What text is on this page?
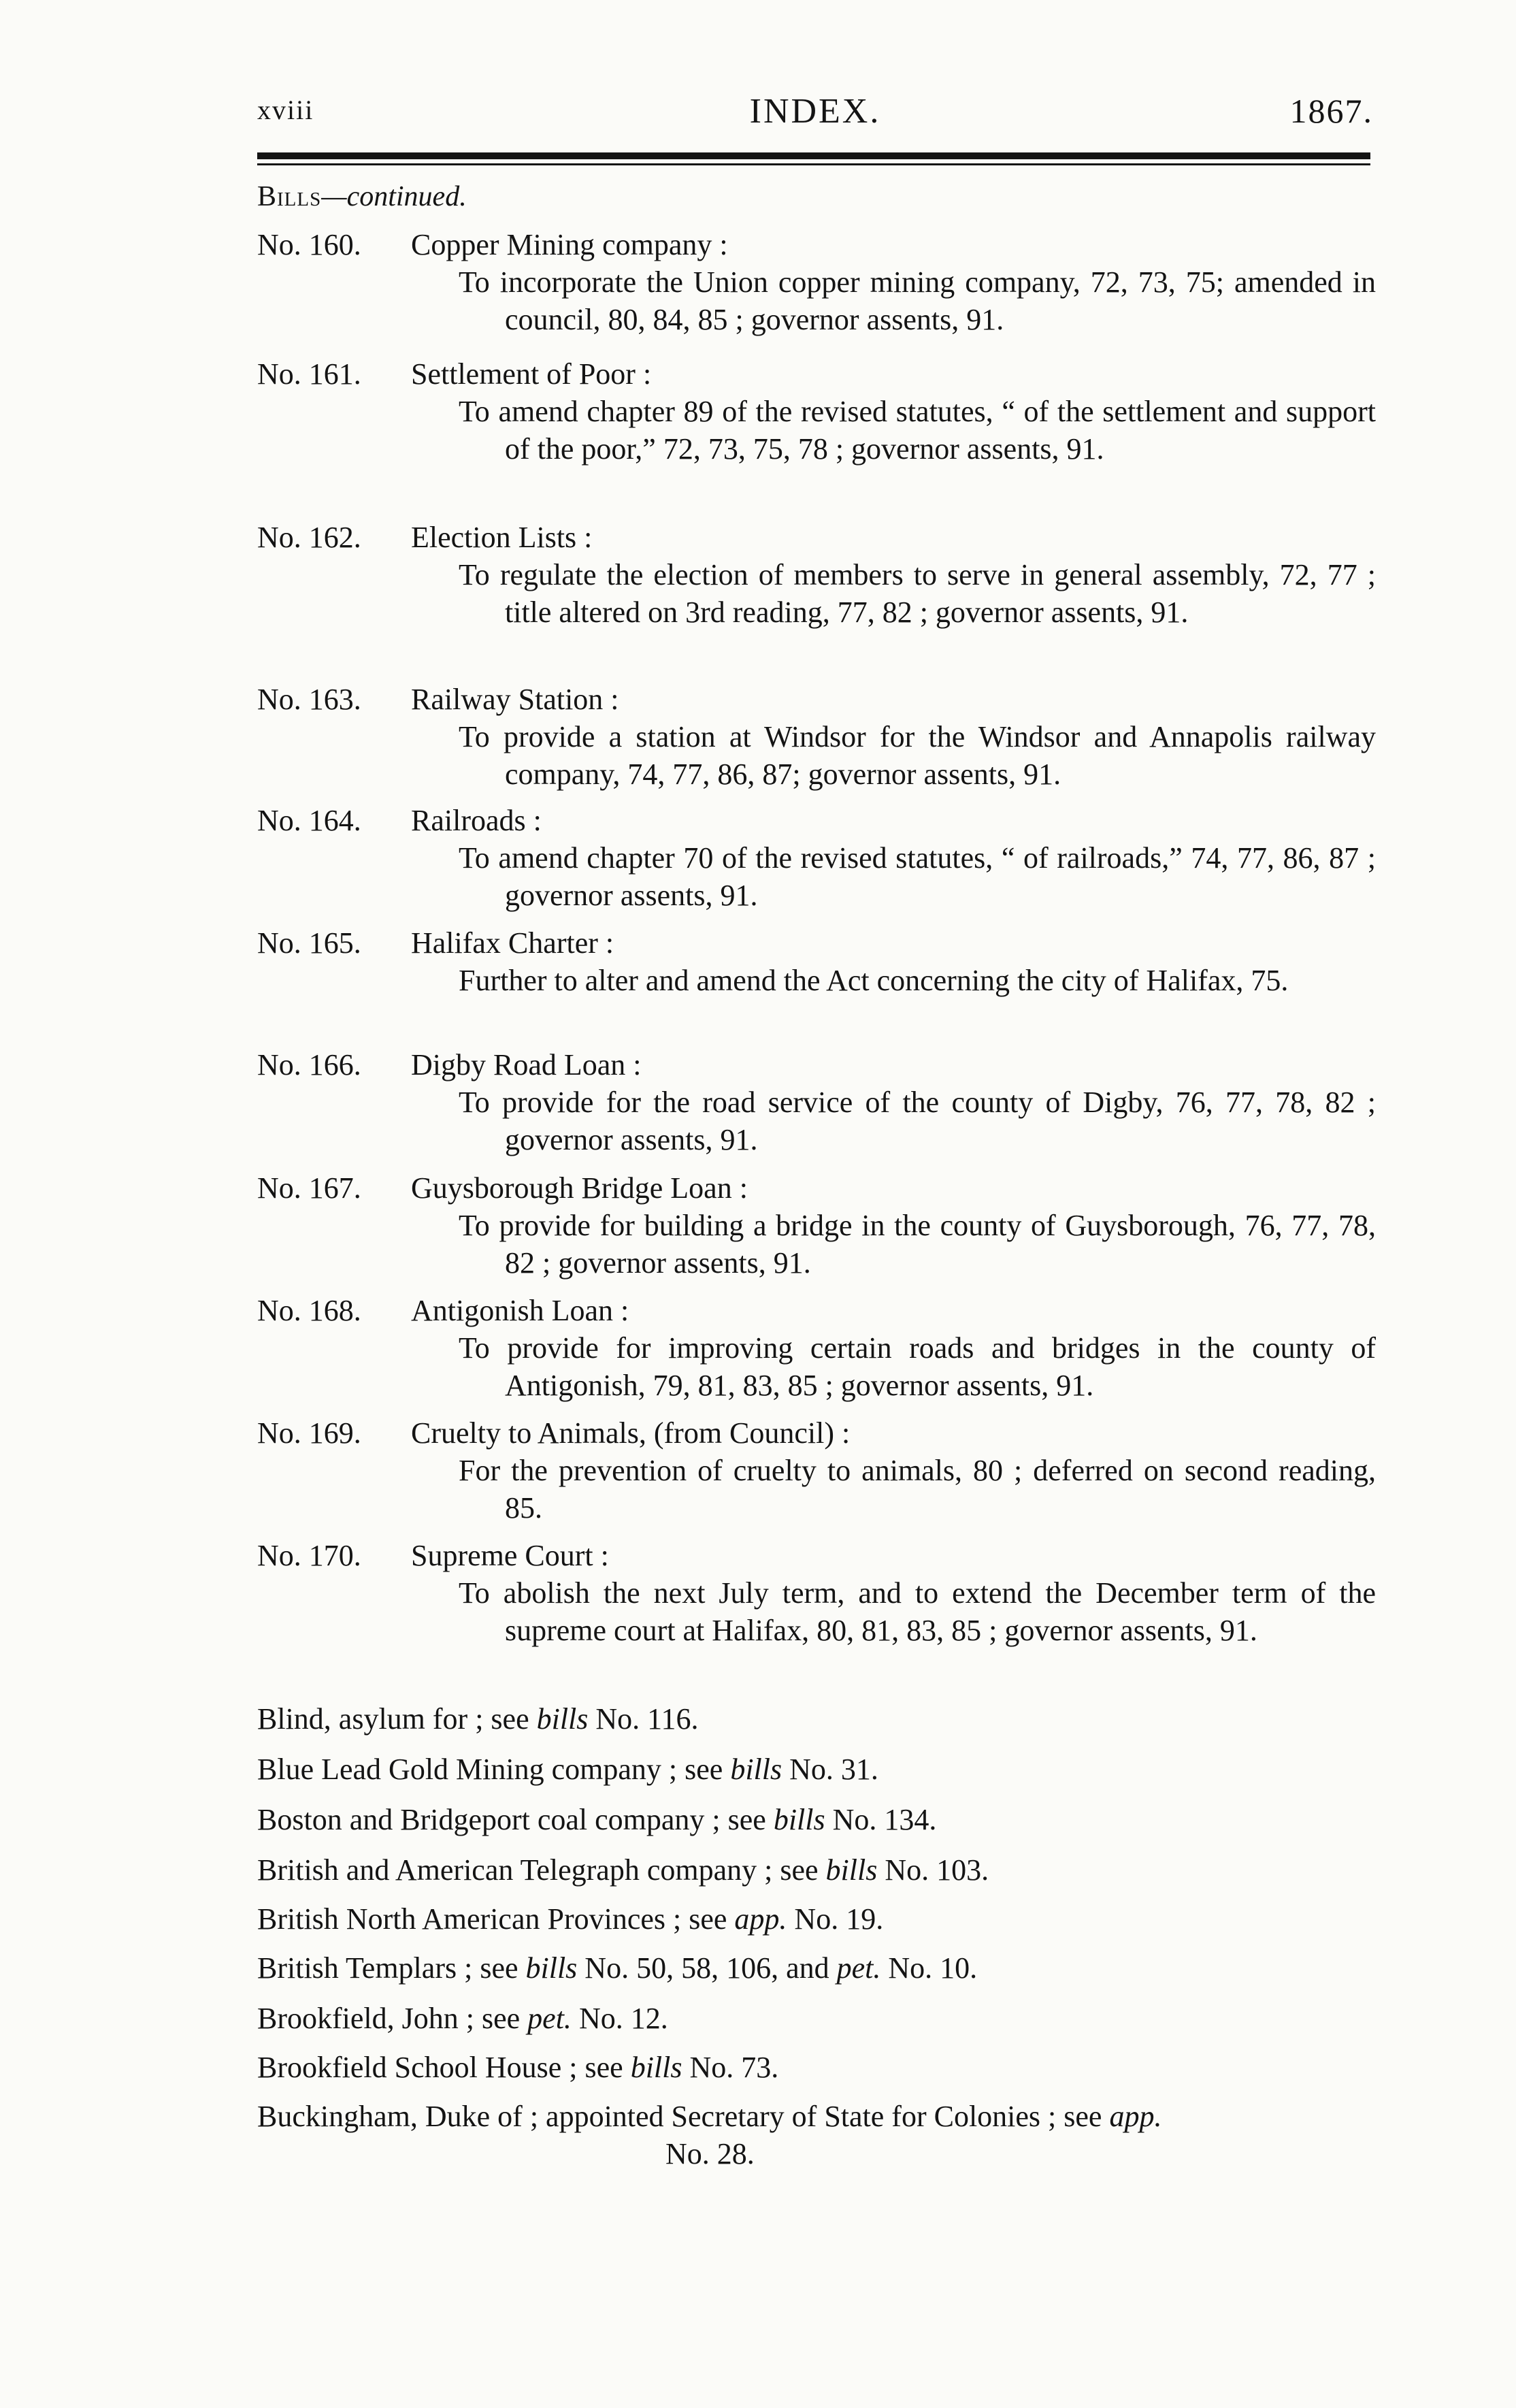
xviii	INDEX.	1867.
Bills—continued.
No. 160. Copper Mining company :
To incorporate the Union copper mining company, 72, 73, 75; amended in council, 80, 84, 85 ; governor assents, 91.
No. 161. Settlement of Poor :
To amend chapter 89 of the revised statutes, “ of the settlement and support of the poor,” 72, 73, 75, 78 ; governor assents, 91.
No. 162. Election Lists :
To regulate the election of members to serve in general assembly, 72, 77 ; title altered on 3rd reading, 77, 82 ; governor assents, 91.
No. 163. Railway Station :
To provide a station at Windsor for the Windsor and Annapolis railway company, 74, 77, 86, 87; governor assents, 91.
No. 164. Railroads :
To amend chapter 70 of the revised statutes, “ of railroads,” 74, 77, 86, 87 ; governor assents, 91.
No. 165. Halifax Charter :
Further to alter and amend the Act concerning the city of Halifax, 75.
No. 166. Digby Road Loan :
To provide for the road service of the county of Digby, 76, 77, 78, 82 ; governor assents, 91.
No. 167. Guysborough Bridge Loan :
To provide for building a bridge in the county of Guysborough, 76, 77, 78, 82 ; governor assents, 91.
No. 168. Antigonish Loan :
To provide for improving certain roads and bridges in the county of Antigonish, 79, 81, 83, 85 ; governor assents, 91.
No. 169. Cruelty to Animals, (from Council) :
For the prevention of cruelty to animals, 80 ; deferred on second reading, 85.
No. 170. Supreme Court :
To abolish the next July term, and to extend the December term of the supreme court at Halifax, 80, 81, 83, 85 ; governor assents, 91.
Blind, asylum for ; see bills No. 116.
Blue Lead Gold Mining company ; see bills No. 31.
Boston and Bridgeport coal company ; see bills No. 134.
British and American Telegraph company ; see bills No. 103.
British North American Provinces ; see app. No. 19.
British Templars ; see bills No. 50, 58, 106, and pet. No. 10.
Brookfield, John ; see pet. No. 12.
Brookfield School House ; see bills No. 73.
Buckingham, Duke of ; appointed Secretary of State for Colonies ; see app.
No. 28.
